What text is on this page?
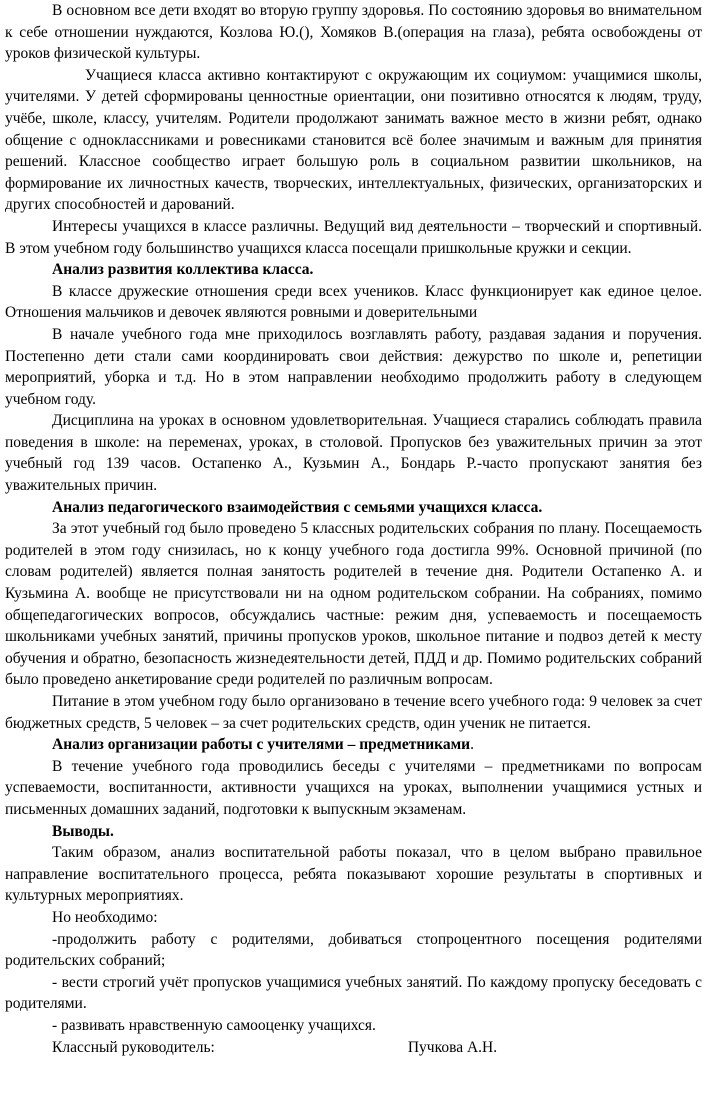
В основном все дети входят во вторую группу здоровья. По состоянию здоровья во внимательном к себе отношении нуждаются, Козлова Ю.(), Хомяков В.(операция на глаза), ребята освобождены от уроков физической культуры.

Учащиеся класса активно контактируют с окружающим их социумом: учащимися школы, учителями. У детей сформированы ценностные ориентации, они позитивно относятся к людям, труду, учёбе, школе, классу, учителям. Родители продолжают занимать важное место в жизни ребят, однако общение с одноклассниками и ровесниками становится всё более значимым и важным для принятия решений. Классное сообщество играет большую роль в социальном развитии школьников, на формирование их личностных качеств, творческих, интеллектуальных, физических, организаторских и других способностей и дарований.

Интересы учащихся в классе различны. Ведущий вид деятельности – творческий и спортивный. В этом учебном году большинство учащихся класса посещали пришкольные кружки и секции.

Анализ развития коллектива класса.

В классе дружеские отношения среди всех учеников. Класс функционирует как единое целое. Отношения мальчиков и девочек являются ровными и доверительными

В начале учебного года мне приходилось возглавлять работу, раздавая задания и поручения. Постепенно дети стали сами координировать свои действия: дежурство по школе и, репетиции мероприятий, уборка и т.д. Но в этом направлении необходимо продолжить работу в следующем учебном году.

Дисциплина на уроках в основном удовлетворительная. Учащиеся старались соблюдать правила поведения в школе: на переменах, уроках, в столовой. Пропусков без уважительных причин за этот учебный год 139 часов. Остапенко А., Кузьмин А., Бондарь Р.-часто пропускают занятия без уважительных причин.

Анализ педагогического взаимодействия с семьями учащихся класса.

За этот учебный год было проведено 5 классных родительских собрания по плану. Посещаемость родителей в этом году снизилась, но к концу учебного года достигла 99%. Основной причиной (по словам родителей) является полная занятость родителей в течение дня. Родители Остапенко А. и Кузьмина А. вообще не присутствовали ни на одном родительском собрании. На собраниях, помимо общепедагогических вопросов, обсуждались частные: режим дня, успеваемость и посещаемость школьниками учебных занятий, причины пропусков уроков, школьное питание и подвоз детей к месту обучения и обратно, безопасность жизнедеятельности детей, ПДД и др. Помимо родительских собраний было проведено анкетирование среди родителей по различным вопросам.

Питание в этом учебном году было организовано в течение всего учебного года: 9 человек за счет бюджетных средств, 5 человек – за счет родительских средств, один ученик не питается.

Анализ организации работы с учителями – предметниками.

В течение учебного года проводились беседы с учителями – предметниками по вопросам успеваемости, воспитанности, активности учащихся на уроках, выполнении учащимися устных и письменных домашних заданий, подготовки к выпускным экзаменам.

Выводы.

Таким образом, анализ воспитательной работы показал, что в целом выбрано правильное направление воспитательного процесса, ребята показывают хорошие результаты в спортивных и культурных мероприятиях.

Но необходимо:

-продолжить работу с родителями, добиваться стопроцентного посещения родителями родительских собраний;

- вести строгий учёт пропусков учащимися учебных занятий. По каждому пропуску беседовать с родителями.

- развивать нравственную самооценку учащихся.

Классный руководитель:	Пучкова А.Н.
